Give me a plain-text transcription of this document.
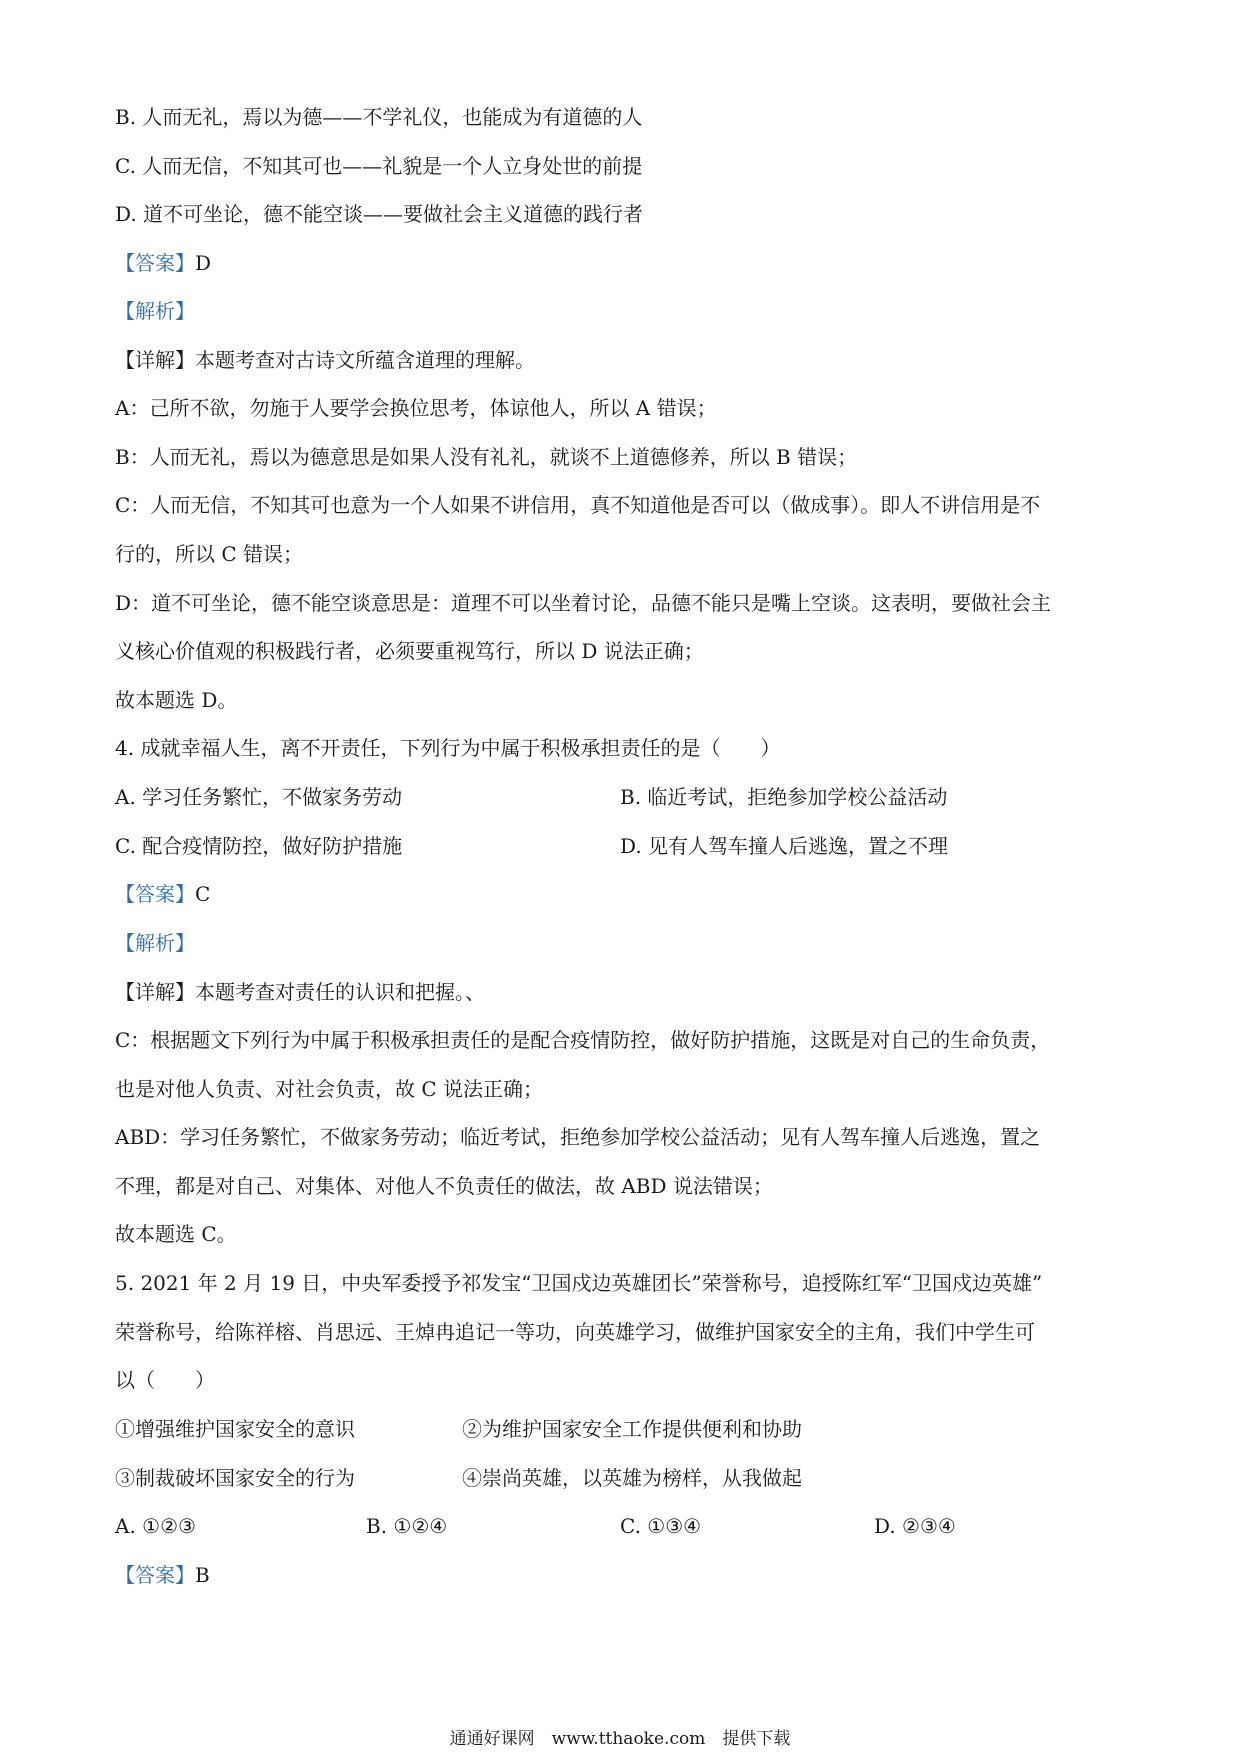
B. 人而无礼，焉以为德——不学礼仪，也能成为有道德的人
C. 人而无信，不知其可也——礼貌是一个人立身处世的前提
D. 道不可坐论，德不能空谈——要做社会主义道德的践行者
【答案】D
【解析】
【详解】本题考查对古诗文所蕴含道理的理解。
A：己所不欲，勿施于人要学会换位思考，体谅他人，所以 A 错误；
B：人而无礼，焉以为德意思是如果人没有礼礼，就谈不上道德修养，所以 B 错误；
C：人而无信，不知其可也意为一个人如果不讲信用，真不知道他是否可以（做成事）。即人不讲信用是不
行的，所以 C 错误；
D：道不可坐论，德不能空谈意思是：道理不可以坐着讨论，品德不能只是嘴上空谈。这表明，要做社会主
义核心价值观的积极践行者，必须要重视笃行，所以 D 说法正确；
故本题选 D。
4. 成就幸福人生，离不开责任，下列行为中属于积极承担责任的是（　　）
A. 学习任务繁忙，不做家务劳动	B. 临近考试，拒绝参加学校公益活动
C. 配合疫情防控，做好防护措施	D. 见有人驾车撞人后逃逸，置之不理
【答案】C
【解析】
【详解】本题考查对责任的认识和把握。、
C：根据题文下列行为中属于积极承担责任的是配合疫情防控，做好防护措施，这既是对自己的生命负责，
也是对他人负责、对社会负责，故 C 说法正确；
ABD：学习任务繁忙，不做家务劳动；临近考试，拒绝参加学校公益活动；见有人驾车撞人后逃逸，置之
不理，都是对自己、对集体、对他人不负责任的做法，故 ABD 说法错误；
故本题选 C。
5. 2021 年 2 月 19 日，中央军委授予祁发宝“卫国戍边英雄团长”荣誉称号，追授陈红军“卫国戍边英雄”
荣誉称号，给陈祥榕、肖思远、王焯冉追记一等功，向英雄学习，做维护国家安全的主角，我们中学生可
以（　　）
①增强维护国家安全的意识	②为维护国家安全工作提供便利和协助
③制裁破坏国家安全的行为	④崇尚英雄，以英雄为榜样，从我做起
A. ①②③	B. ①②④	C. ①③④	D. ②③④
【答案】B
通通好课网　www.tthaoke.com　提供下载
